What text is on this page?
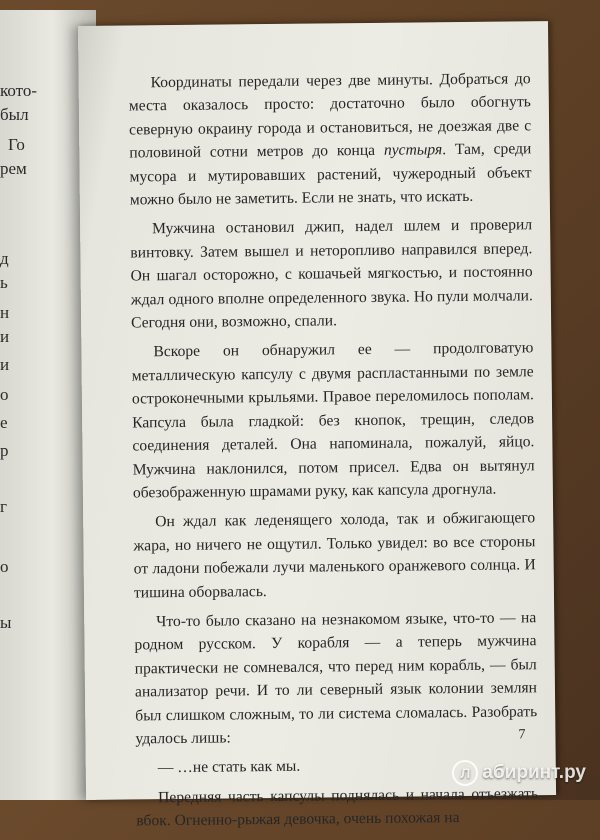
кото-
был
Го
рем
д
ь
н
и
и
о
е
р
г
о
ы

Координаты передали через две минуты. Добраться до места оказалось просто: достаточно было обогнуть северную окраину города и остановиться, не доезжая две с половиной сотни метров до конца пустыря. Там, среди мусора и мутировавших растений, чужеродный объект можно было не заметить. Если не знать, что искать.

Мужчина остановил джип, надел шлем и проверил винтовку. Затем вышел и неторопливо направился вперед. Он шагал осторожно, с кошачьей мягкостью, и постоянно ждал одного вполне определенного звука. Но пули молчали. Сегодня они, возможно, спали.

Вскоре он обнаружил ее — продолговатую металлическую капсулу с двумя распластанными по земле остроконечными крыльями. Правое переломилось пополам. Капсула была гладкой: без кнопок, трещин, следов соединения деталей. Она напоминала, пожалуй, яйцо. Мужчина наклонился, потом присел. Едва он вытянул обезображенную шрамами руку, как капсула дрогнула.

Он ждал как леденящего холода, так и обжигающего жара, но ничего не ощутил. Только увидел: во все стороны от ладони побежали лучи маленького оранжевого солнца. И тишина оборвалась.

Что-то было сказано на незнакомом языке, что-то — на родном русском. У корабля — а теперь мужчина практически не сомневался, что перед ним корабль, — был анализатор речи. И то ли северный язык колонии землян был слишком сложным, то ли система сломалась. Разобрать удалось лишь:

— …не стать как мы.

Передняя часть капсулы поднялась и начала отъезжать вбок. Огненно-рыжая девочка, очень похожая на

7
Л абиринт.ру
